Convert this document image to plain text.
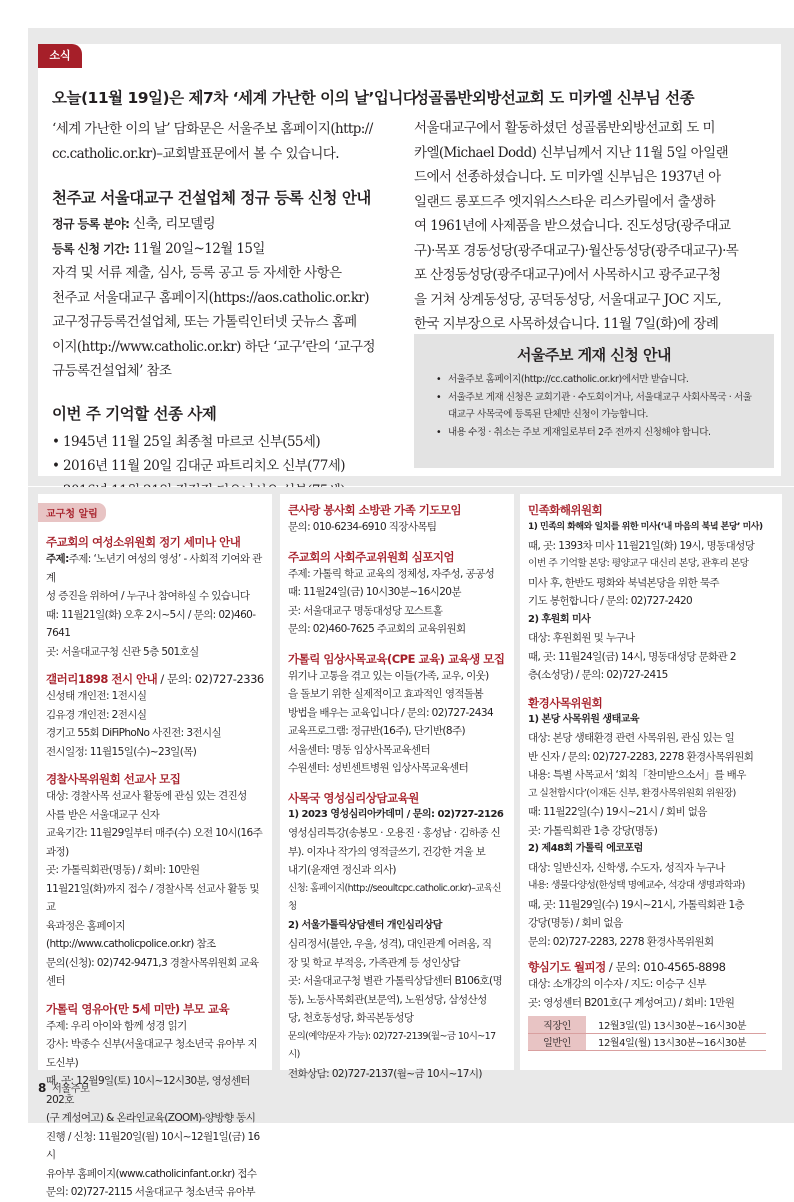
소식
오늘(11월 19일)은 제7차 ‘세계 가난한 이의 날’입니다
‘세계 가난한 이의 날’ 담화문은 서울주보 홈페이지(http://
cc.catholic.or.kr)–교회발표문에서 볼 수 있습니다.
천주교 서울대교구 건설업체 정규 등록 신청 안내
정규 등록 분야: 신축, 리모델링
등록 신청 기간: 11월 20일~12월 15일
자격 및 서류 제출, 심사, 등록 공고 등 자세한 사항은
천주교 서울대교구 홈페이지(https://aos.catholic.or.kr)
교구정규등록건설업체, 또는 가톨릭인터넷 굿뉴스 홈페
이지(http://www.catholic.or.kr) 하단 ‘교구’란의 ‘교구정
규등록건설업체’ 참조
이번 주 기억할 선종 사제
• 1945년 11월 25일 최종철 마르코 신부(55세)
• 2016년 11월 20일 김대군 파트리치오 신부(77세)
성골롬반외방선교회 도 미카엘 신부님 선종
서울대교구에서 활동하셨던 성골롬반외방선교회 도 미
카엘(Michael Dodd) 신부님께서 지난 11월 5일 아일랜
드에서 선종하셨습니다. 도 미카엘 신부님은 1937년 아
일랜드 롱포드주 엣지워스스타운 리스카릴에서 출생하
여 1961년에 사제품을 받으셨습니다. 진도성당(광주대교
구)·목포 경동성당(광주대교구)·월산동성당(광주대교구)·목
포 산정동성당(광주대교구)에서 사목하시고 광주교구청
을 거쳐 상계동성당, 공덕동성당, 서울대교구 JOC 지도,
한국 지부장으로 사목하셨습니다. 11월 7일(화)에 장례
서울주보 게재 신청 안내
• 서울주보 홈페이지(http://cc.catholic.or.kr)에서만 받습니다.
• 서울주보 게재 신청은 교회기관 · 수도회이거나, 서울대교구 사회사목국 · 서울대교구 사목국에 등록된 단체만 신청이 가능합니다.
• 내용 수정 · 취소는 주보 게재일로부터 2주 전까지 신청해야 합니다.
교구청 알림
주교회의 여성소위원회 정기 세미나 안내
주제:주제: ‘노년기 여성의 영성’ - 사회적 기여와 관계
성 증진을 위하여 / 누구나 참여하실 수 있습니다
때: 11월21일(화) 오후 2시~5시 / 문의: 02)460-7641
곳: 서울대교구청 신관 5층 501호실
갤러리1898 전시 안내 / 문의: 02)727-2336
신성태 개인전: 1전시실
김유경 개인전: 2전시실
경기고 55회 DiFiPhoNo 사진전: 3전시실
전시일정: 11월15일(수)~23일(목)
경찰사목위원회 선교사 모집
대상: 경찰사목 선교사 활동에 관심 있는 견진성
사를 받은 서울대교구 신자
교육기간: 11월29일부터 매주(수) 오전 10시(16주 과정)
곳: 가톨릭회관(명동) / 회비: 10만원
11월21일(화)까지 접수 / 경찰사목 선교사 활동 및 교
육과정은 홈페이지(http://www.catholicpolice.or.kr) 참조
문의(신청): 02)742-9471,3 경찰사목위원회 교육센터
가톨릭 영유아(만 5세 미만) 부모 교육
주제: 우리 아이와 함께 성경 읽기
강사: 박종수 신부(서울대교구 청소년국 유아부 지도신부)
때, 곳: 12월9일(토) 10시~12시30분, 영성센터202호
(구 계성여고) & 온라인교육(ZOOM)-양방향 동시
진행 / 신청: 11월20일(월) 10시~12월1일(금) 16시
유아부 홈페이지(www.catholicinfant.or.kr) 접수
문의: 02)727-2115 서울대교구 청소년국 유아부
큰사랑 봉사회 소방관 가족 기도모임
문의: 010-6234-6910 직장사목팀
주교회의 사회주교위원회 심포지엄
주제: 가톨릭 학교 교육의 정체성, 자주성, 공공성
때: 11월24일(금) 10시30분~16시20분
곳: 서울대교구 명동대성당 꼬스트홀
문의: 02)460-7625 주교회의 교육위원회
가톨릭 임상사목교육(CPE 교육) 교육생 모집
위기나 고통을 겪고 있는 이들(가족, 교우, 이웃)
을 돌보기 위한 실제적이고 효과적인 영적돌봄
방법을 배우는 교육입니다 / 문의: 02)727-2434
교육프로그램: 정규반(16주), 단기반(8주)
서울센터: 명동 임상사목교육센터
수원센터: 성빈센트병원 임상사목교육센터
사목국 영성심리상담교육원
1) 2023 영성심리아카데미 / 문의: 02)727-2126
영성심리특강(송봉모 · 오용진 · 홍성남 · 김하종 신
부). 이자나 작가의 영적글쓰기, 건강한 겨울 보
내기(윤재연 정신과 의사)
신청: 홈페이지(http://seoultcpc.catholic.or.kr)–교육신청
2) 서울가톨릭상담센터 개인심리상담
심리정서(불안, 우울, 성격), 대인관계 어려움, 직
장 및 학교 부적응, 가족관계 등 성인상담
곳: 서울대교구청 별관 가톨릭상담센터 B106호(명
동), 노동사목회관(보문역), 노원성당, 삼성산성
당, 천호동성당, 화곡본동성당
문의(예약/문자 가능): 02)727-2139(월~금 10시~17시)
전화상담: 02)727-2137(월~금 10시~17시)
민족화해위원회
1) 민족의 화해와 일치를 위한 미사(‘내 마음의 북녘 본당’ 미사)
때, 곳: 1393차 미사 11월21일(화) 19시, 명동대성당
이번 주 기억할 본당: 평양교구 대신리 본당, 관후리 본당
미사 후, 한반도 평화와 북녘본당을 위한 묵주
기도 봉헌합니다 / 문의: 02)727-2420
2) 후원회 미사
대상: 후원회원 및 누구나
때, 곳: 11월24일(금) 14시, 명동대성당 문화관 2
층(소성당) / 문의: 02)727-2415
환경사목위원회
1) 본당 사목위원 생태교육
대상: 본당 생태환경 관련 사목위원, 관심 있는 일
반 신자 / 문의: 02)727-2283, 2278 환경사목위원회
내용: 특별 사목교서 ‘회칙「찬미받으소서」를 배우
고 실천합시다’(이재돈 신부, 환경사목위원회 위원장)
때: 11월22일(수) 19시~21시 / 회비 없음
곳: 가톨릭회관 1층 강당(명동)
2) 제48회 가톨릭 에코포럼
대상: 일반신자, 신학생, 수도자, 성직자 누구나
내용: 생물다양성(한성택 명예교수, 석강대 생명과학과)
때, 곳: 11월29일(수) 19시~21시, 가톨릭회관 1층
강당(명동) / 회비 없음
문의: 02)727-2283, 2278 환경사목위원회
향심기도 월피정 / 문의: 010-4565-8898
대상: 소개강의 이수자 / 지도: 이승구 신부
곳: 영성센터 B201호(구 계성여고) / 회비: 1만원
직장인	12월3일(일) 13시30분~16시30분
일반인	12월4일(월) 13시30분~16시30분
8 서울주보
